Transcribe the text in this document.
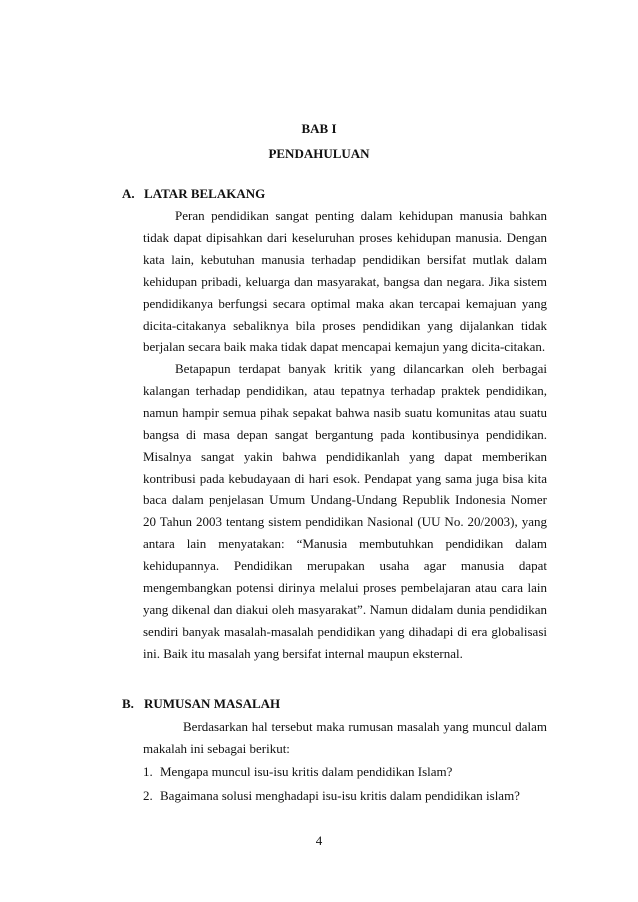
BAB I
PENDAHULUAN
A. LATAR BELAKANG

Peran pendidikan sangat penting dalam kehidupan manusia bahkan tidak dapat dipisahkan dari keseluruhan proses kehidupan manusia. Dengan kata lain, kebutuhan manusia terhadap pendidikan bersifat mutlak dalam kehidupan pribadi, keluarga dan masyarakat, bangsa dan negara. Jika sistem pendidikanya berfungsi secara optimal maka akan tercapai kemajuan yang dicita-citakanya sebaliknya bila proses pendidikan yang dijalankan tidak berjalan secara baik maka tidak dapat mencapai kemajun yang dicita-citakan.

Betapapun terdapat banyak kritik yang dilancarkan oleh berbagai kalangan terhadap pendidikan, atau tepatnya terhadap praktek pendidikan, namun hampir semua pihak sepakat bahwa nasib suatu komunitas atau suatu bangsa di masa depan sangat bergantung pada kontibusinya pendidikan. Misalnya sangat yakin bahwa pendidikanlah yang dapat memberikan kontribusi pada kebudayaan di hari esok. Pendapat yang sama juga bisa kita baca dalam penjelasan Umum Undang-Undang Republik Indonesia Nomer 20 Tahun 2003 tentang sistem pendidikan Nasional (UU No. 20/2003), yang antara lain menyatakan: “Manusia membutuhkan pendidikan dalam kehidupannya. Pendidikan merupakan usaha agar manusia dapat mengembangkan potensi dirinya melalui proses pembelajaran atau cara lain yang dikenal dan diakui oleh masyarakat”. Namun didalam dunia pendidikan sendiri banyak masalah-masalah pendidikan yang dihadapi di era globalisasi ini. Baik itu masalah yang bersifat internal maupun eksternal.

B. RUMUSAN MASALAH

Berdasarkan hal tersebut maka rumusan masalah yang muncul dalam makalah ini sebagai berikut:

1. Mengapa muncul isu-isu kritis dalam pendidikan Islam?
2. Bagaimana solusi menghadapi isu-isu kritis dalam pendidikan islam?
4
